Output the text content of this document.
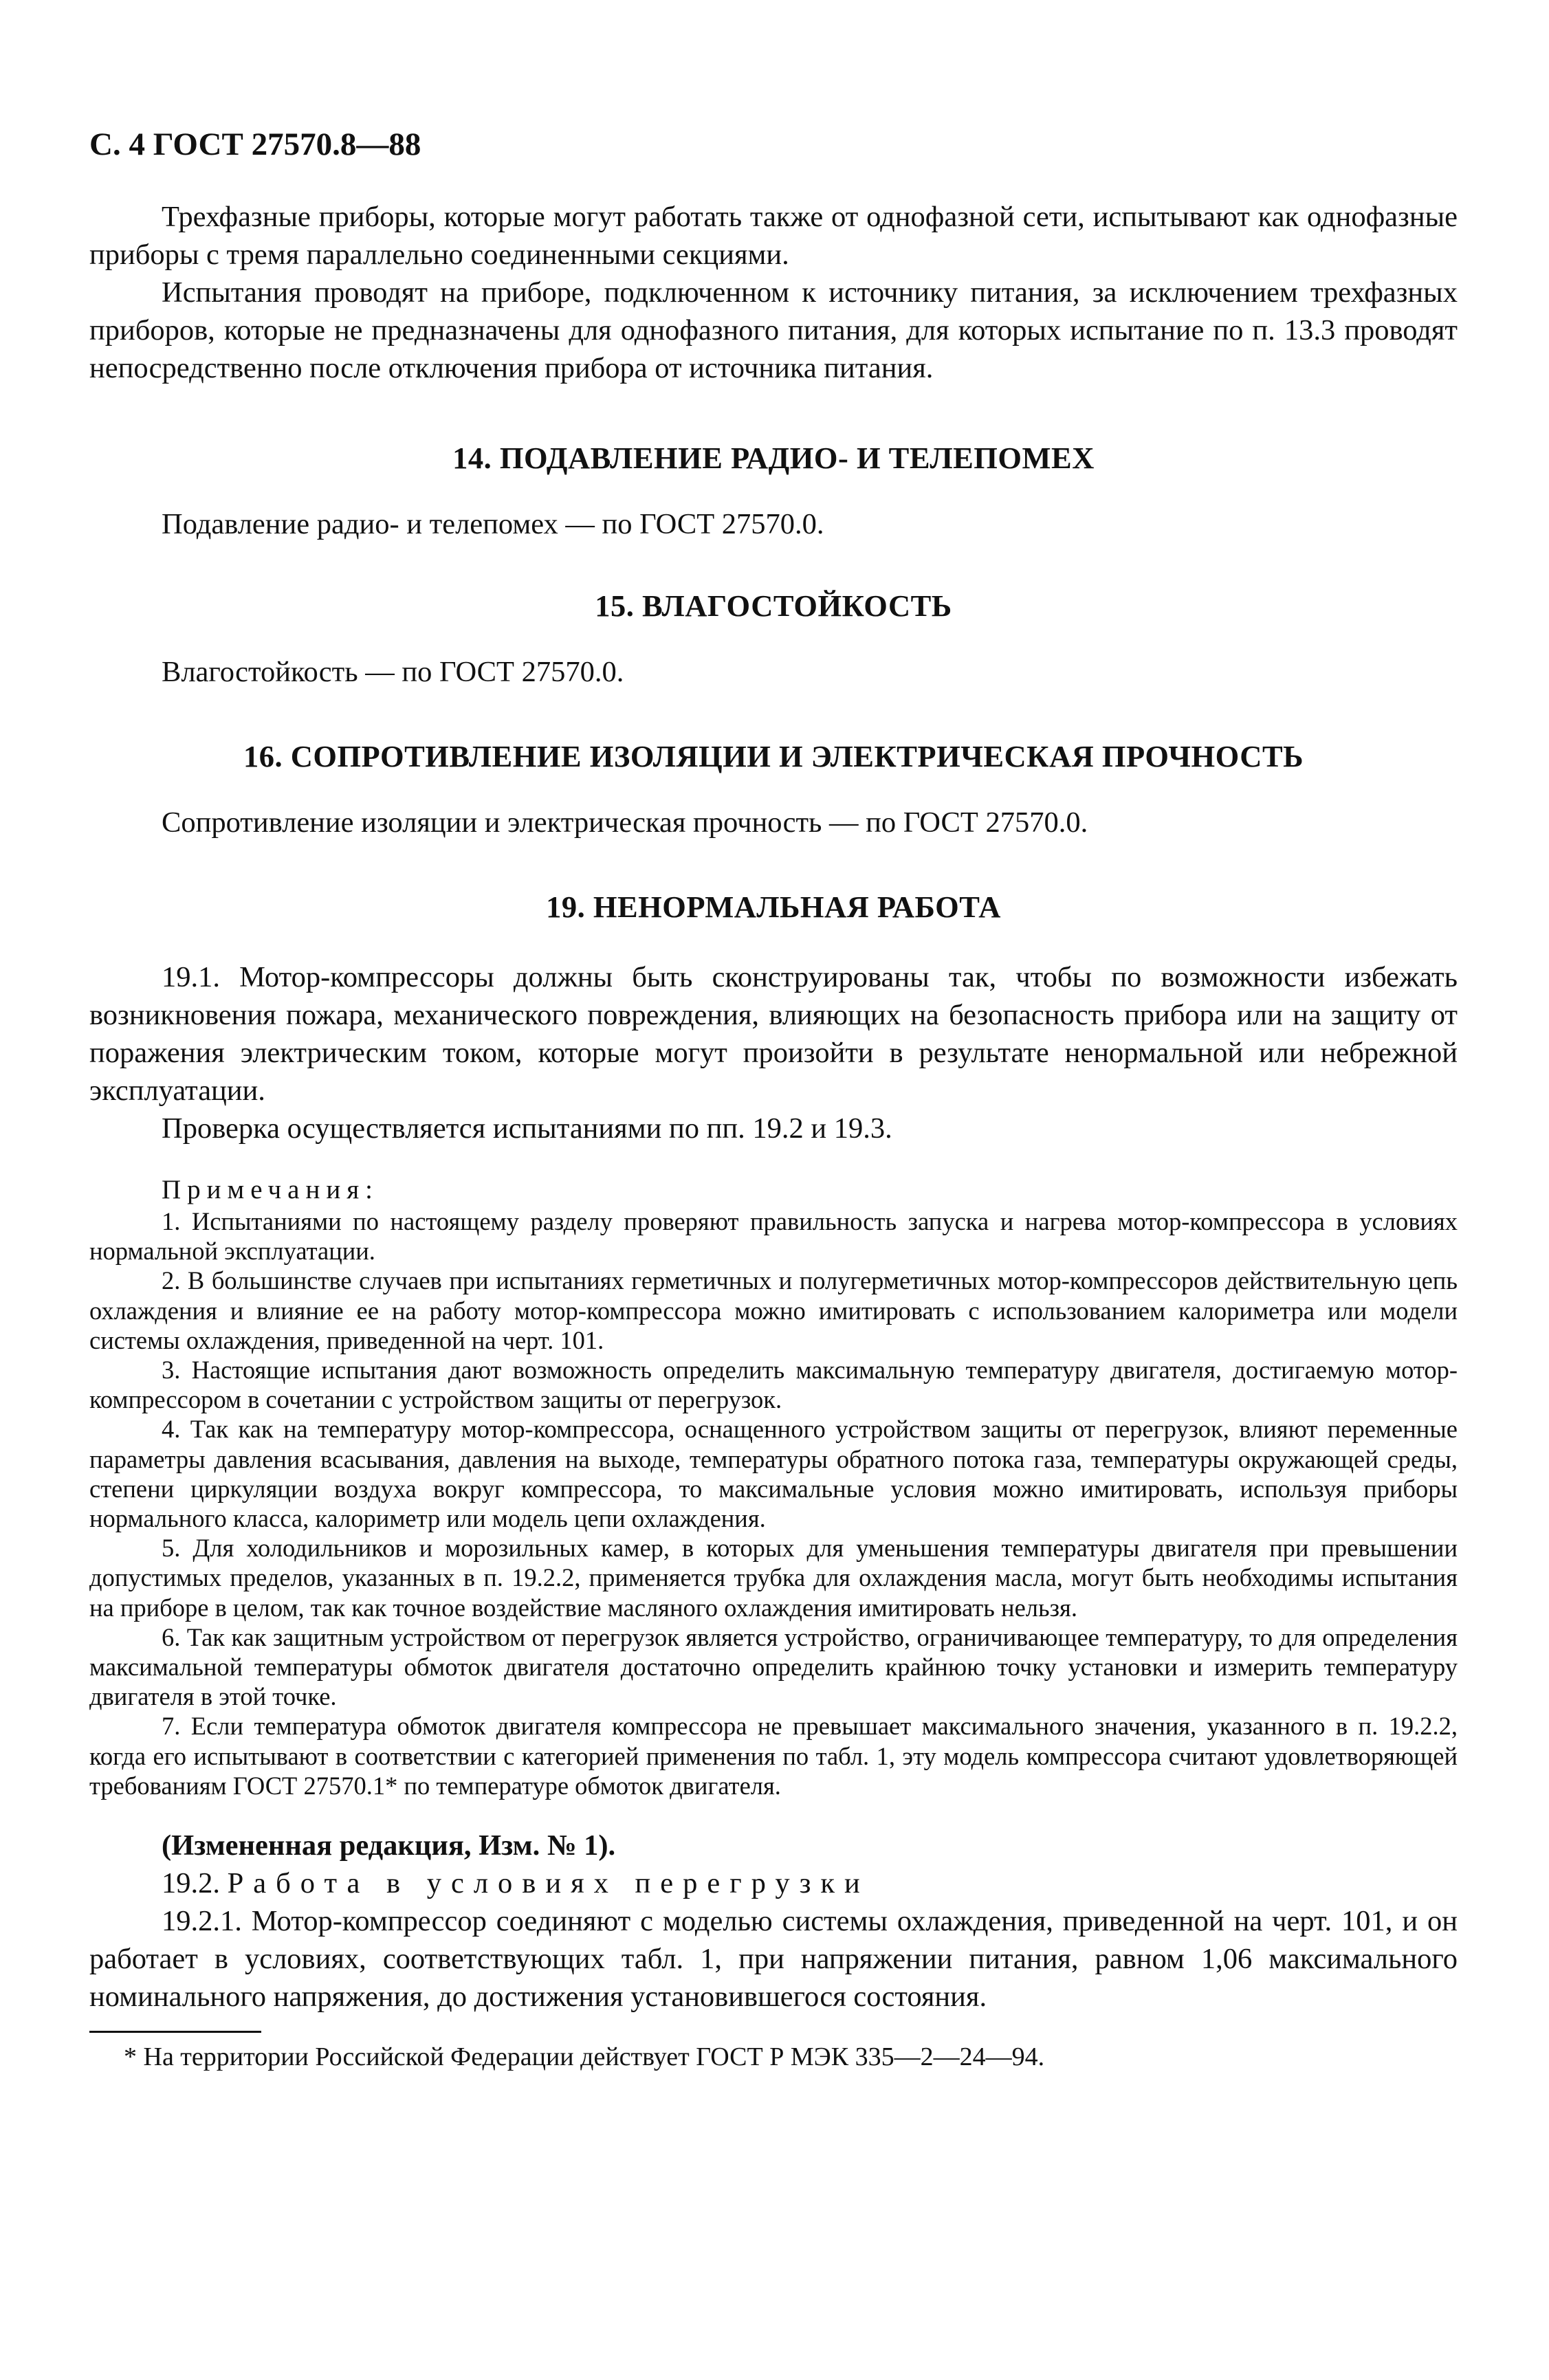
С. 4 ГОСТ 27570.8—88

Трехфазные приборы, которые могут работать также от однофазной сети, испытывают как однофазные приборы с тремя параллельно соединенными секциями.

Испытания проводят на приборе, подключенном к источнику питания, за исключением трехфазных приборов, которые не предназначены для однофазного питания, для которых испытание по п. 13.3 проводят непосредственно после отключения прибора от источника питания.

14. ПОДАВЛЕНИЕ РАДИО- И ТЕЛЕПОМЕХ

Подавление радио- и телепомех — по ГОСТ 27570.0.

15. ВЛАГОСТОЙКОСТЬ

Влагостойкость — по ГОСТ 27570.0.

16. СОПРОТИВЛЕНИЕ ИЗОЛЯЦИИ И ЭЛЕКТРИЧЕСКАЯ ПРОЧНОСТЬ

Сопротивление изоляции и электрическая прочность — по ГОСТ 27570.0.

19. НЕНОРМАЛЬНАЯ РАБОТА

19.1. Мотор-компрессоры должны быть сконструированы так, чтобы по возможности избежать возникновения пожара, механического повреждения, влияющих на безопасность прибора или на защиту от поражения электрическим током, которые могут произойти в результате ненормальной или небрежной эксплуатации.

Проверка осуществляется испытаниями по пп. 19.2 и 19.3.

Примечания:

1. Испытаниями по настоящему разделу проверяют правильность запуска и нагрева мотор-компрессора в условиях нормальной эксплуатации.

2. В большинстве случаев при испытаниях герметичных и полугерметичных мотор-компрессоров действительную цепь охлаждения и влияние ее на работу мотор-компрессора можно имитировать с использованием калориметра или модели системы охлаждения, приведенной на черт. 101.

3. Настоящие испытания дают возможность определить максимальную температуру двигателя, достигаемую мотор-компрессором в сочетании с устройством защиты от перегрузок.

4. Так как на температуру мотор-компрессора, оснащенного устройством защиты от перегрузок, влияют переменные параметры давления всасывания, давления на выходе, температуры обратного потока газа, температуры окружающей среды, степени циркуляции воздуха вокруг компрессора, то максимальные условия можно имитировать, используя приборы нормального класса, калориметр или модель цепи охлаждения.

5. Для холодильников и морозильных камер, в которых для уменьшения температуры двигателя при превышении допустимых пределов, указанных в п. 19.2.2, применяется трубка для охлаждения масла, могут быть необходимы испытания на приборе в целом, так как точное воздействие масляного охлаждения имитировать нельзя.

6. Так как защитным устройством от перегрузок является устройство, ограничивающее температуру, то для определения максимальной температуры обмоток двигателя достаточно определить крайнюю точку установки и измерить температуру двигателя в этой точке.

7. Если температура обмоток двигателя компрессора не превышает максимального значения, указанного в п. 19.2.2, когда его испытывают в соответствии с категорией применения по табл. 1, эту модель компрессора считают удовлетворяющей требованиям ГОСТ 27570.1* по температуре обмоток двигателя.

(Измененная редакция, Изм. № 1).
19.2. Работа в условиях перегрузки

19.2.1. Мотор-компрессор соединяют с моделью системы охлаждения, приведенной на черт. 101, и он работает в условиях, соответствующих табл. 1, при напряжении питания, равном 1,06 максимального номинального напряжения, до достижения установившегося состояния.

* На территории Российской Федерации действует ГОСТ Р МЭК 335—2—24—94.
